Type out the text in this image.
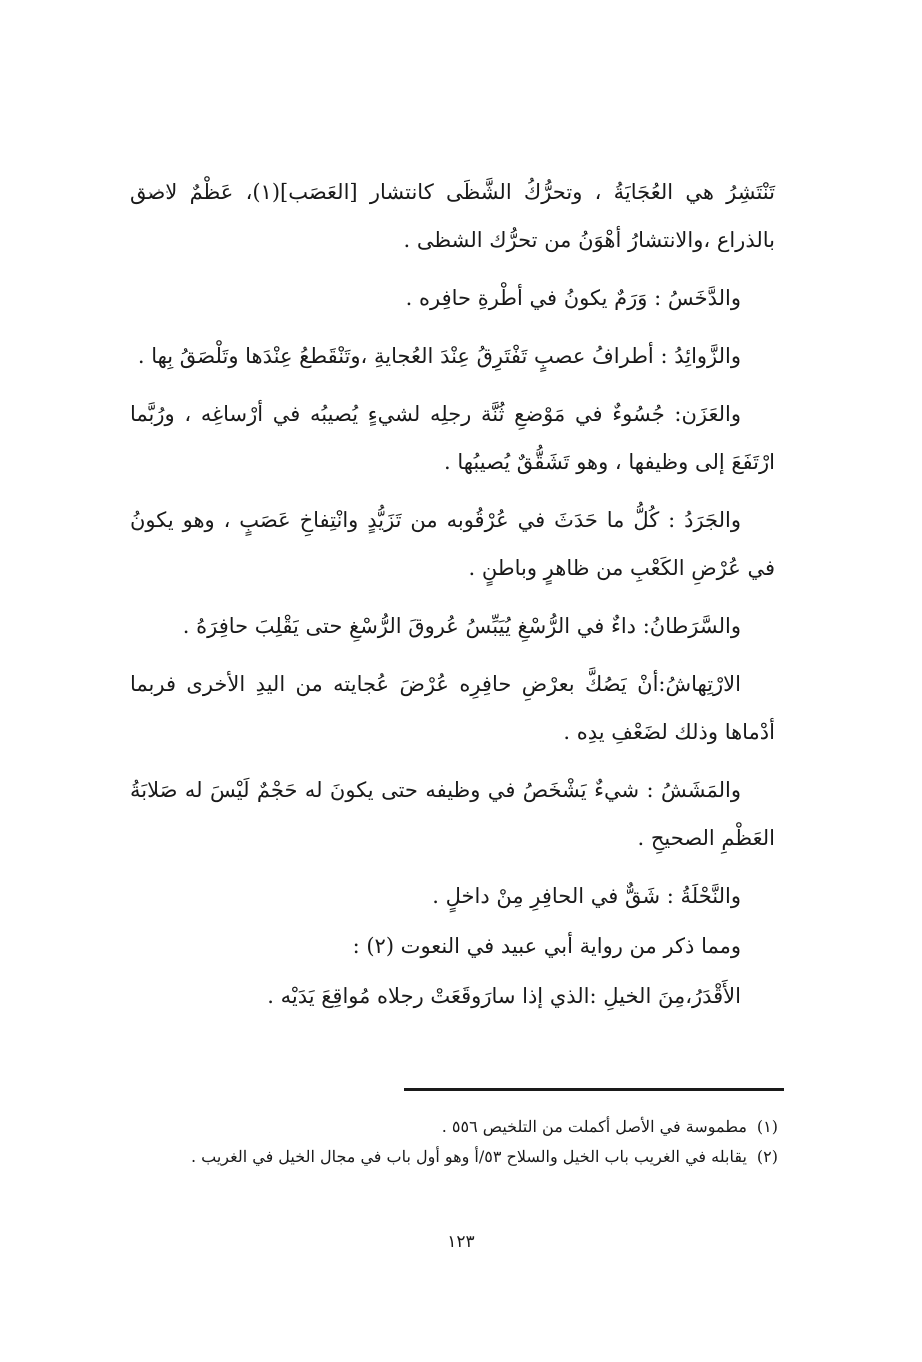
تَنْتَشِرُ هي العُجَايَةُ ، وتحرُّكُ الشَّظَى كانتشار [العَصَب](١)، عَظْمٌ لاصق بالذراع ،والانتشارُ أهْوَنُ من تحرُّك الشظى .

والدَّخَسُ : وَرَمٌ يكونُ في أطْرةِ حافِره .

والزَّوائِدُ : أطرافُ عصبٍ تَفْتَرِقُ عِنْدَ العُجايةِ ،وتَنْقَطعُ عِنْدَها وتَلْصَقُ بِها .

والعَزَن: جُسُوءٌ في مَوْضعِ ثُنَّة رجلِه لشيءٍ يُصيبُه في أرْساغِه ، ورُبَّما ارْتَفَعَ إلى وظيفها ، وهو تَشَقُّقٌ يُصيبُها .

والجَرَدُ : كُلُّ ما حَدَثَ في عُرْقُوبه من تَزَيُّدٍ وانْتِفاخِ عَصَبٍ ، وهو يكونُ في عُرْضِ الكَعْبِ من ظاهرٍ وباطنٍ .

والسَّرَطانُ: داءٌ في الرُّسْغِ يُيَبِّسُ عُروقَ الرُّسْغِ حتى يَقْلِبَ حافِرَهُ .

الارْتِهاشُ:أنْ يَصُكَّ بعرْضِ حافِرِه عُرْضَ عُجايته من اليدِ الأخرى فربما أدْماها وذلك لضَعْفِ يدِه .

والمَشَشُ : شيءٌ يَشْخَصُ في وظيفه حتى يكونَ له حَجْمٌ لَيْسَ له صَلابَةُ العَظْمِ الصحيحِ .

والنَّحْلَةُ : شَقٌّ في الحافِرِ مِنْ داخلٍ .

ومما ذكر من رواية أبي عبيد في النعوت (٢) :

الأَقْدَرُ،مِنَ الخيلِ :الذي إذا سارَوقَعَتْ رجلاه مُواقِعَ يَدَيْه .

(١)مطموسة في الأصل أكملت من التلخيص ٥٥٦ .

(٢)يقابله في الغريب باب الخيل والسلاح ٥٣/أ وهو أول باب في مجال الخيل في الغريب .

١٢٣
